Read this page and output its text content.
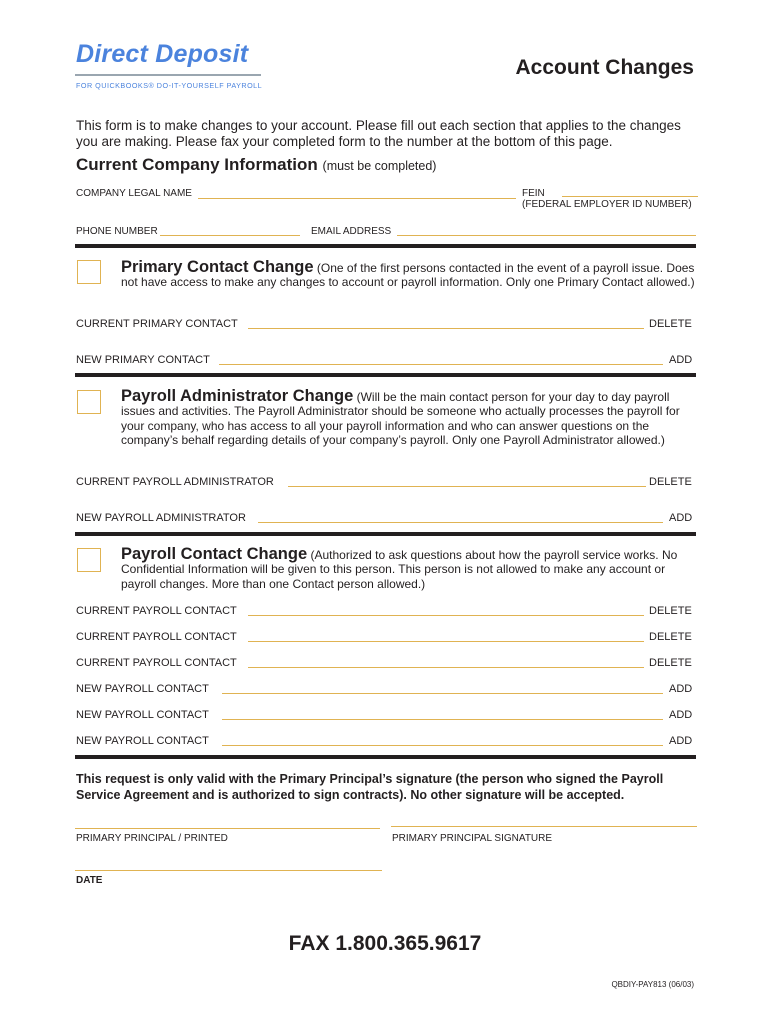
Direct Deposit
FOR QUICKBOOKS® DO-IT-YOURSELF PAYROLL
Account Changes
This form is to make changes to your account. Please fill out each section that applies to the changes you are making. Please fax your completed form to the number at the bottom of this page.
Current Company Information (must be completed)
COMPANY LEGAL NAME	FEIN
(FEDERAL EMPLOYER ID NUMBER)
PHONE NUMBER	EMAIL ADDRESS
Primary Contact Change (One of the first persons contacted in the event of a payroll issue. Does not have access to make any changes to account or payroll information. Only one Primary Contact allowed.)
CURRENT PRIMARY CONTACT	DELETE
NEW PRIMARY CONTACT	ADD
Payroll Administrator Change (Will be the main contact person for your day to day payroll issues and activities. The Payroll Administrator should be someone who actually processes the payroll for your company, who has access to all your payroll information and who can answer questions on the company’s behalf regarding details of your company’s payroll. Only one Payroll Administrator allowed.)
CURRENT PAYROLL ADMINISTRATOR	DELETE
NEW PAYROLL ADMINISTRATOR	ADD
Payroll Contact Change (Authorized to ask questions about how the payroll service works. No Confidential Information will be given to this person. This person is not allowed to make any account or payroll changes. More than one Contact person allowed.)
CURRENT PAYROLL CONTACT	DELETE
CURRENT PAYROLL CONTACT	DELETE
CURRENT PAYROLL CONTACT	DELETE
NEW PAYROLL CONTACT	ADD
NEW PAYROLL CONTACT	ADD
NEW PAYROLL CONTACT	ADD
This request is only valid with the Primary Principal’s signature (the person who signed the Payroll Service Agreement and is authorized to sign contracts). No other signature will be accepted.
PRIMARY PRINCIPAL / PRINTED	PRIMARY PRINCIPAL SIGNATURE
DATE
FAX 1.800.365.9617
QBDIY-PAY813 (06/03)
